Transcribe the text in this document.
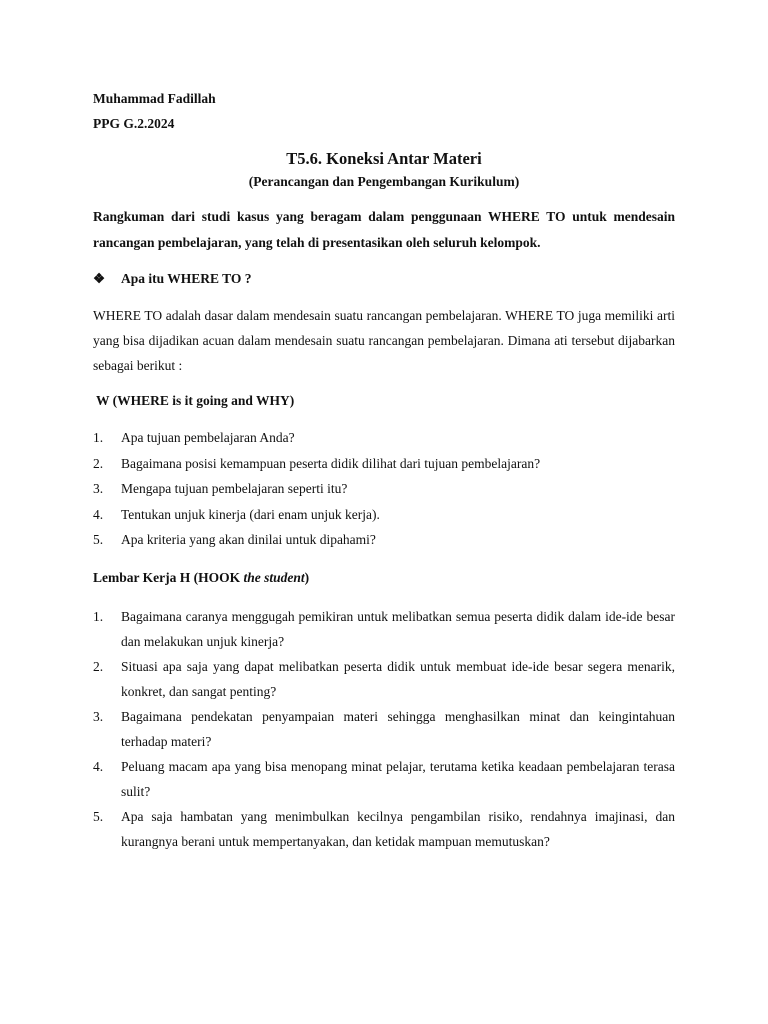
Muhammad Fadillah
PPG G.2.2024
T5.6. Koneksi Antar Materi
(Perancangan dan Pengembangan Kurikulum)
Rangkuman dari studi kasus yang beragam dalam penggunaan WHERE TO untuk mendesain rancangan pembelajaran, yang telah di presentasikan oleh seluruh kelompok.
❖	Apa itu WHERE TO ?
WHERE TO adalah dasar dalam mendesain suatu rancangan pembelajaran. WHERE TO juga memiliki arti yang bisa dijadikan acuan dalam mendesain suatu rancangan pembelajaran. Dimana ati tersebut dijabarkan sebagai berikut :
W (WHERE is it going and WHY)
1.	Apa tujuan pembelajaran Anda?
2.	Bagaimana posisi kemampuan peserta didik dilihat dari tujuan pembelajaran?
3.	Mengapa tujuan pembelajaran seperti itu?
4.	Tentukan unjuk kinerja (dari enam unjuk kerja).
5.	Apa kriteria yang akan dinilai untuk dipahami?
Lembar Kerja H (HOOK the student)
1.	Bagaimana caranya menggugah pemikiran untuk melibatkan semua peserta didik dalam ide-ide besar dan melakukan unjuk kinerja?
2.	Situasi apa saja yang dapat melibatkan peserta didik untuk membuat ide-ide besar segera menarik, konkret, dan sangat penting?
3.	Bagaimana pendekatan penyampaian materi sehingga menghasilkan minat dan keingintahuan terhadap materi?
4.	Peluang macam apa yang bisa menopang minat pelajar, terutama ketika keadaan pembelajaran terasa sulit?
5.	Apa saja hambatan yang menimbulkan kecilnya pengambilan risiko, rendahnya imajinasi, dan kurangnya berani untuk mempertanyakan, dan ketidak mampuan memutuskan?
